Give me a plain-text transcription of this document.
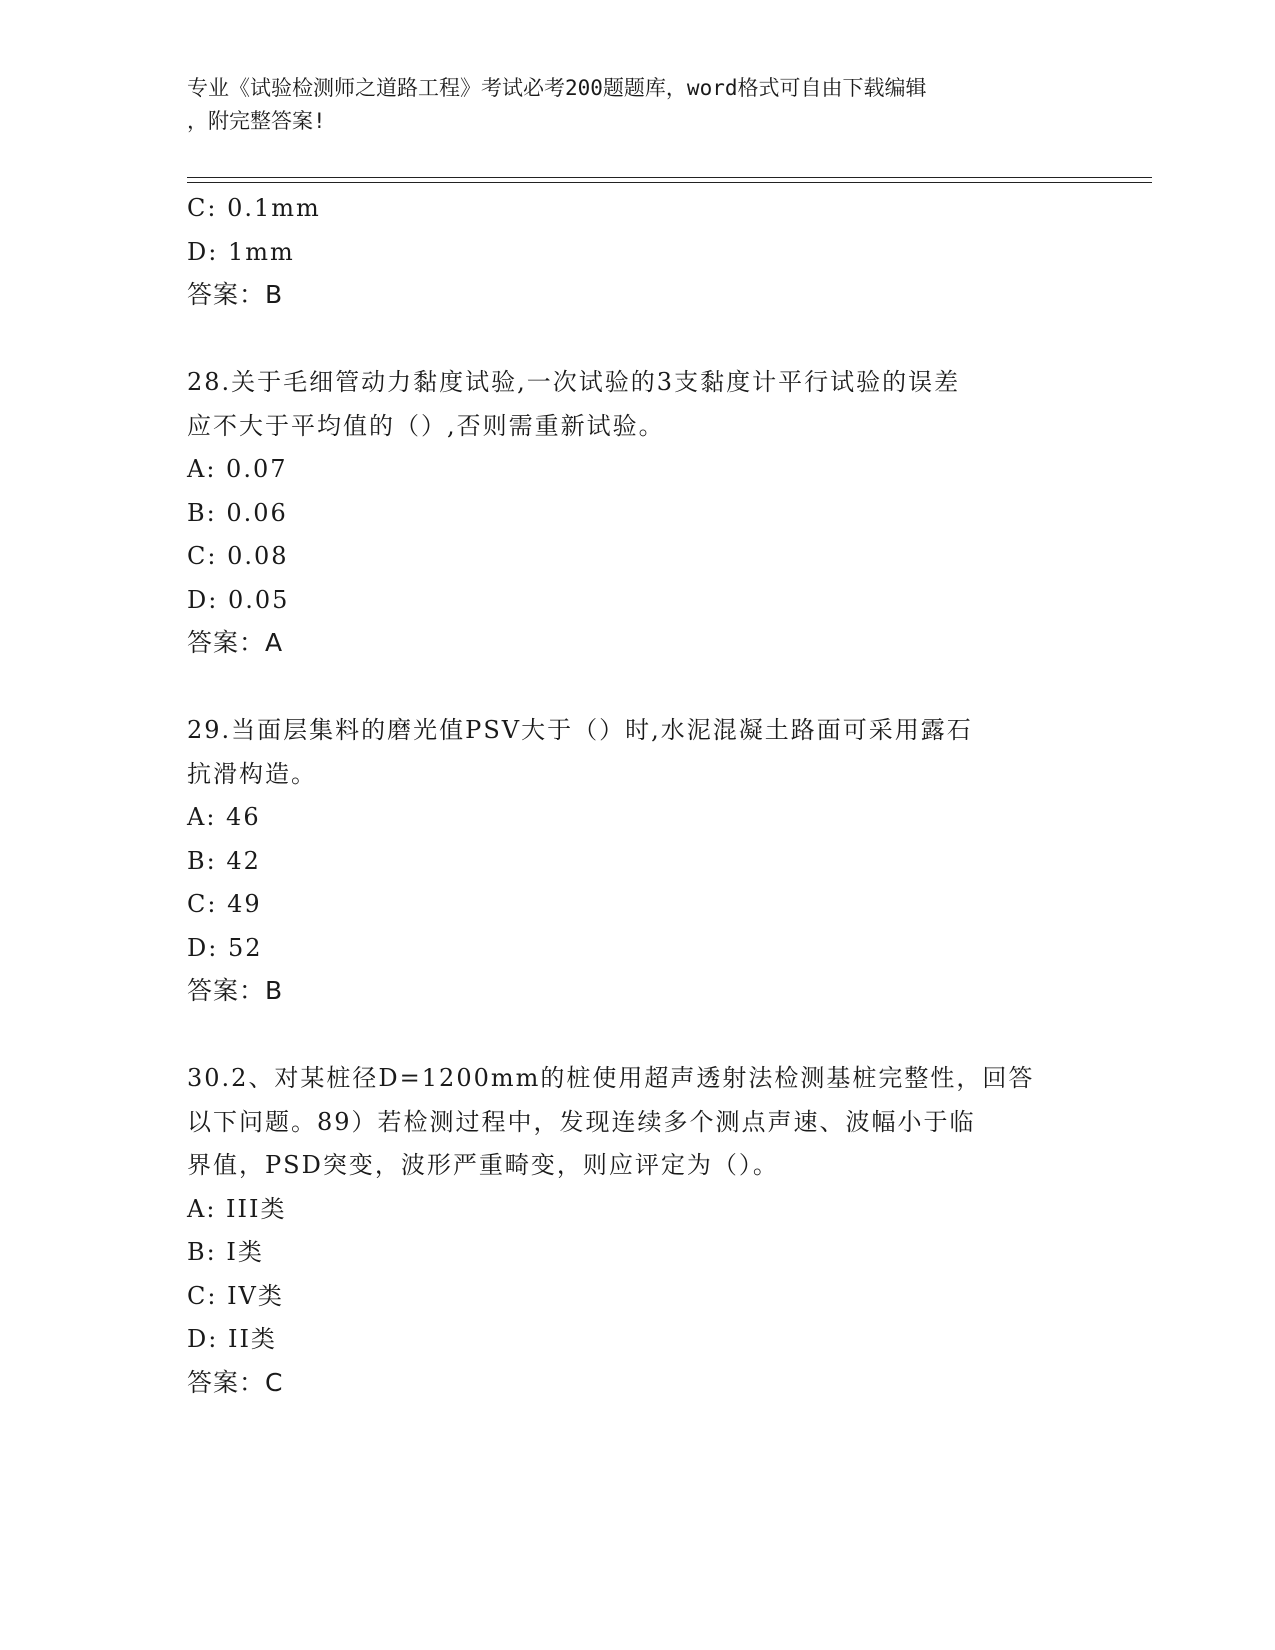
专业《试验检测师之道路工程》考试必考200题题库，word格式可自由下载编辑
，附完整答案!
C: 0.1mm
D: 1mm
答案：B
28.关于毛细管动力黏度试验,一次试验的3支黏度计平行试验的误差
应不大于平均值的（）,否则需重新试验。
A: 0.07
B: 0.06
C: 0.08
D: 0.05
答案：A
29.当面层集料的磨光值PSV大于（）时,水泥混凝土路面可采用露石
抗滑构造。
A: 46
B: 42
C: 49
D: 52
答案：B
30.2、对某桩径D=1200mm的桩使用超声透射法检测基桩完整性，回答
以下问题。89）若检测过程中，发现连续多个测点声速、波幅小于临
界值，PSD突变，波形严重畸变，则应评定为（）。
A: III类
B: I类
C: IV类
D: II类
答案：C
